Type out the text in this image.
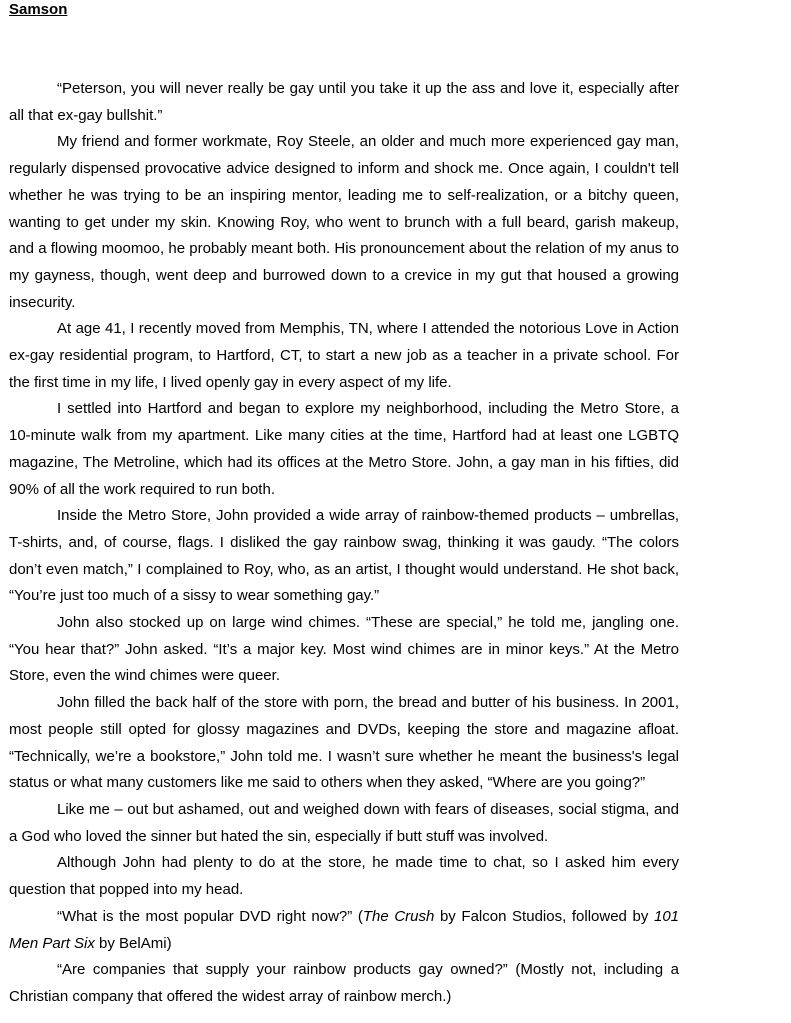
Samson

“Peterson, you will never really be gay until you take it up the ass and love it, especially after all that ex-gay bullshit.”

My friend and former workmate, Roy Steele, an older and much more experienced gay man, regularly dispensed provocative advice designed to inform and shock me. Once again, I couldn't tell whether he was trying to be an inspiring mentor, leading me to self-realization, or a bitchy queen, wanting to get under my skin. Knowing Roy, who went to brunch with a full beard, garish makeup, and a flowing moomoo, he probably meant both. His pronouncement about the relation of my anus to my gayness, though, went deep and burrowed down to a crevice in my gut that housed a growing insecurity.

At age 41, I recently moved from Memphis, TN, where I attended the notorious Love in Action ex-gay residential program, to Hartford, CT, to start a new job as a teacher in a private school. For the first time in my life, I lived openly gay in every aspect of my life.

I settled into Hartford and began to explore my neighborhood, including the Metro Store, a 10-minute walk from my apartment. Like many cities at the time, Hartford had at least one LGBTQ magazine, The Metroline, which had its offices at the Metro Store. John, a gay man in his fifties, did 90% of all the work required to run both.

Inside the Metro Store, John provided a wide array of rainbow-themed products – umbrellas, T-shirts, and, of course, flags. I disliked the gay rainbow swag, thinking it was gaudy. “The colors don’t even match,” I complained to Roy, who, as an artist, I thought would understand. He shot back, “You’re just too much of a sissy to wear something gay.”

John also stocked up on large wind chimes. “These are special,” he told me, jangling one. “You hear that?” John asked. “It’s a major key. Most wind chimes are in minor keys.” At the Metro Store, even the wind chimes were queer.

John filled the back half of the store with porn, the bread and butter of his business. In 2001, most people still opted for glossy magazines and DVDs, keeping the store and magazine afloat. “Technically, we’re a bookstore,” John told me. I wasn’t sure whether he meant the business's legal status or what many customers like me said to others when they asked, “Where are you going?”

Like me – out but ashamed, out and weighed down with fears of diseases, social stigma, and a God who loved the sinner but hated the sin, especially if butt stuff was involved.

Although John had plenty to do at the store, he made time to chat, so I asked him every question that popped into my head.

“What is the most popular DVD right now?” (The Crush by Falcon Studios, followed by 101 Men Part Six by BelAmi)

“Are companies that supply your rainbow products gay owned?” (Mostly not, including a Christian company that offered the widest array of rainbow merch.)
